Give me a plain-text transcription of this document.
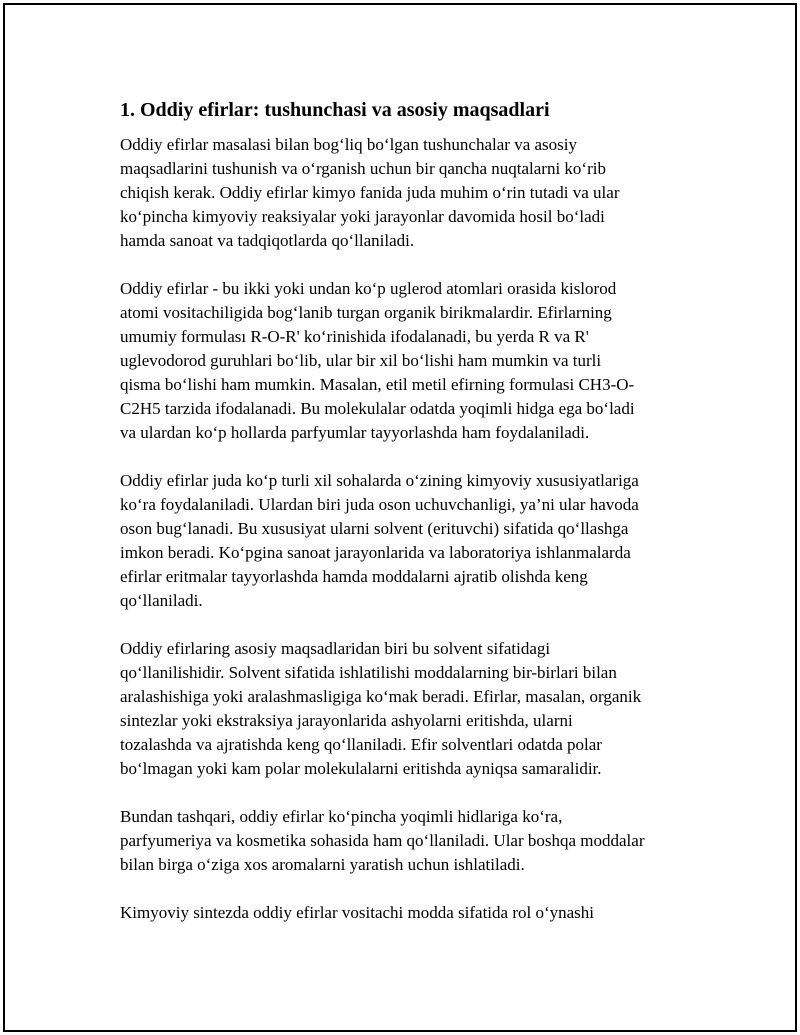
1. Oddiy efirlar: tushunchasi va asosiy maqsadlari
Oddiy efirlar masalasi bilan bog‘liq bo‘lgan tushunchalar va asosiy
maqsadlarini tushunish va o‘rganish uchun bir qancha nuqtalarni ko‘rib
chiqish kerak. Oddiy efirlar kimyo fanida juda muhim o‘rin tutadi va ular
ko‘pincha kimyoviy reaksiyalar yoki jarayonlar davomida hosil bo‘ladi
hamda sanoat va tadqiqotlarda qo‘llaniladi.
Oddiy efirlar - bu ikki yoki undan ko‘p uglerod atomlari orasida kislorod
atomi vositachiligida bog‘lanib turgan organik birikmalardir. Efirlarning
umumiy formulası R-O-R' ko‘rinishida ifodalanadi, bu yerda R va R'
uglevodorod guruhlari bo‘lib, ular bir xil bo‘lishi ham mumkin va turli
qisma bo‘lishi ham mumkin. Masalan, etil metil efirning formulasi CH3-O-
C2H5 tarzida ifodalanadi. Bu molekulalar odatda yoqimli hidga ega bo‘ladi
va ulardan ko‘p hollarda parfyumlar tayyorlashda ham foydalaniladi.
Oddiy efirlar juda ko‘p turli xil sohalarda o‘zining kimyoviy xususiyatlariga
ko‘ra foydalaniladi. Ulardan biri juda oson uchuvchanligi, ya’ni ular havoda
oson bug‘lanadi. Bu xususiyat ularni solvent (erituvchi) sifatida qo‘llashga
imkon beradi. Ko‘pgina sanoat jarayonlarida va laboratoriya ishlanmalarda
efirlar eritmalar tayyorlashda hamda moddalarni ajratib olishda keng
qo‘llaniladi.
Oddiy efirlaring asosiy maqsadlaridan biri bu solvent sifatidagi
qo‘llanilishidir. Solvent sifatida ishlatilishi moddalarning bir-birlari bilan
aralashishiga yoki aralashmasligiga ko‘mak beradi. Efirlar, masalan, organik
sintezlar yoki ekstraksiya jarayonlarida ashyolarni eritishda, ularni
tozalashda va ajratishda keng qo‘llaniladi. Efir solventlari odatda polar
bo‘lmagan yoki kam polar molekulalarni eritishda ayniqsa samaralidir.
Bundan tashqari, oddiy efirlar ko‘pincha yoqimli hidlariga ko‘ra,
parfyumeriya va kosmetika sohasida ham qo‘llaniladi. Ular boshqa moddalar
bilan birga o‘ziga xos aromalarni yaratish uchun ishlatiladi.
Kimyoviy sintezda oddiy efirlar vositachi modda sifatida rol o‘ynashi
